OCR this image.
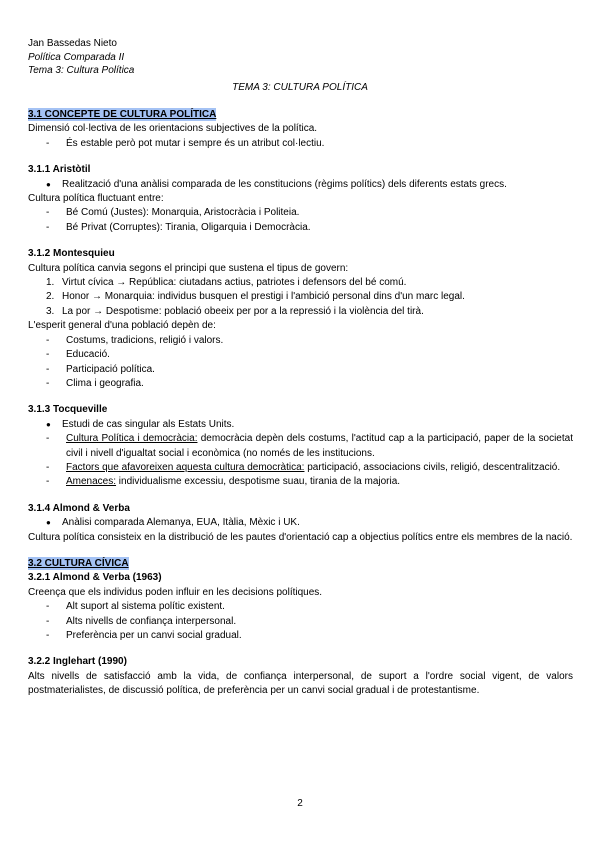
Jan Bassedas Nieto
Política Comparada II
Tema 3: Cultura Política
TEMA 3: CULTURA POLÍTICA
3.1 CONCEPTE DE CULTURA POLÍTICA
Dimensió col·lectiva de les orientacions subjectives de la política.
-	És estable però pot mutar i sempre és un atribut col·lectiu.
3.1.1 Aristòtil
●	Realització d'una anàlisi comparada de les constitucions (règims polítics) dels diferents estats grecs.
Cultura política fluctuant entre:
-	Bé Comú (Justes): Monarquia, Aristocràcia i Politeia.
-	Bé Privat (Corruptes): Tirania, Oligarquia i Democràcia.
3.1.2 Montesquieu
Cultura política canvia segons el principi que sustena el tipus de govern:
1. Virtut cívica → República: ciutadans actius, patriotes i defensors del bé comú.
2. Honor → Monarquia: individus busquen el prestigi i l'ambició personal dins d'un marc legal.
3. La por → Despotisme: població obeeix per por a la repressió i la violència del tirà.
L'esperit general d'una població depèn de:
-	Costums, tradicions, religió i valors.
-	Educació.
-	Participació política.
-	Clima i geografia.
3.1.3 Tocqueville
●	Estudi de cas singular als Estats Units.
-	Cultura Política i democràcia: democràcia depèn dels costums, l'actitud cap a la participació, paper de la societat civil i nivell d'igualtat social i econòmica (no només de les institucions.
-	Factors que afavoreixen aquesta cultura democràtica: participació, associacions civils, religió, descentralització.
-	Amenaces: individualisme excessiu, despotisme suau, tirania de la majoria.
3.1.4 Almond & Verba
●	Anàlisi comparada Alemanya, EUA, Itàlia, Mèxic i UK.
Cultura política consisteix en la distribució de les pautes d'orientació cap a objectius polítics entre els membres de la nació.
3.2 CULTURA CÍVICA
3.2.1 Almond & Verba (1963)
Creença que els individus poden influir en les decisions polítiques.
-	Alt suport al sistema polític existent.
-	Alts nivells de confiança interpersonal.
-	Preferència per un canvi social gradual.
3.2.2 Inglehart (1990)
Alts nivells de satisfacció amb la vida, de confiança interpersonal, de suport a l'ordre social vigent, de valors postmaterialistes, de discussió política, de preferència per un canvi social gradual i de protestantisme.
2
